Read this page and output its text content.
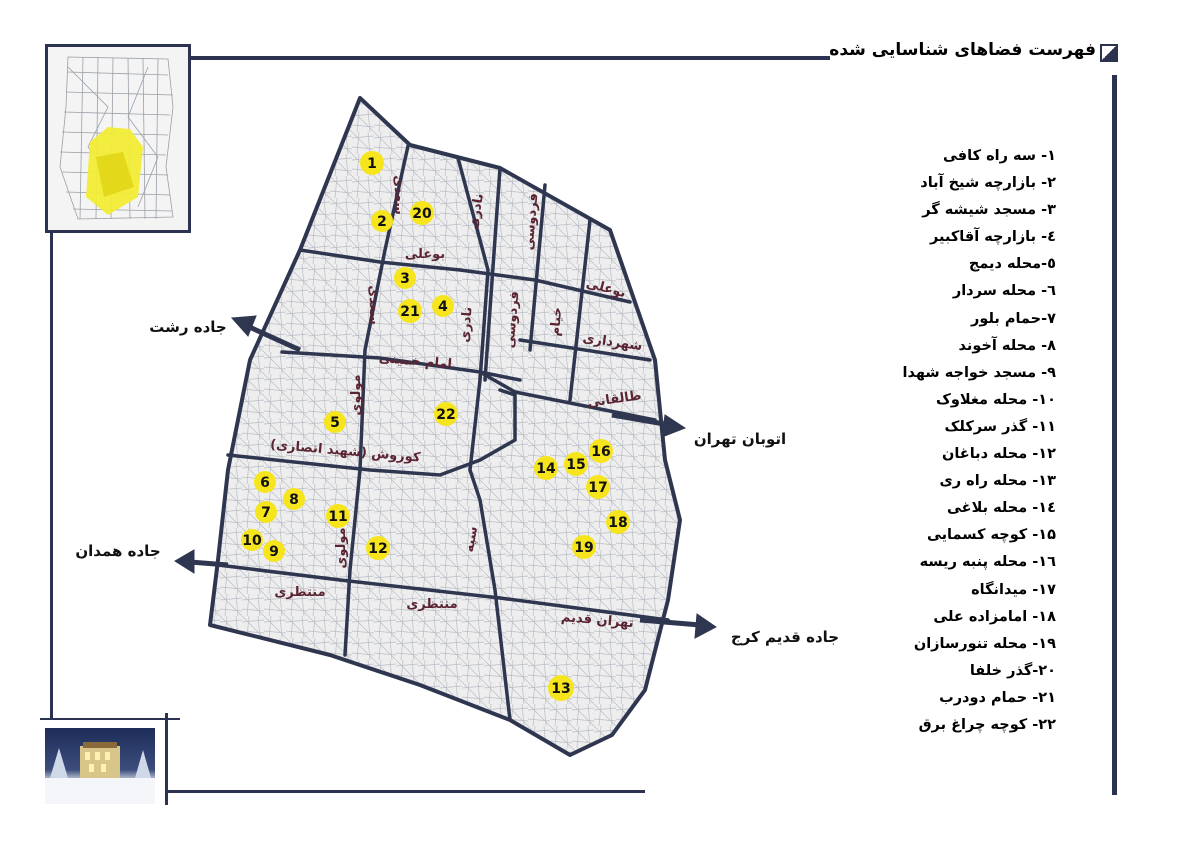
فهرست فضاهای شناسایی شده
۱- سه راه کافی
۲- بازارچه شیخ آباد
۳- مسجد شیشه گر
٤- بازارچه آقاکبیر
٥-محله دیمج
٦- محله سردار
۷-حمام بلور
۸- محله آخوند
۹- مسجد خواجه شهدا
۱۰- محله مغلاوک
۱۱- گذر سرکلک
۱۲- محله دباغان
۱۳- محله راه ری
۱٤- محله بلاغی
۱۵- کوچه کسمایی
۱٦- محله پنبه ریسه
۱۷- میدانگاه
۱۸- امامزاده علی
۱۹- محله تنورسازان
۲۰-گذر خلفا
۲۱- حمام دودرب
۲۲- کوچه چراغ برق
جاده رشت
اتوبان تهران
جاده همدان
جاده قدیم کرج
سعدی	نادری	فردوسی
بوعلی
سعدی	نادری فردوسی خیام
بوعلی
شهرداری
امام خمینی
مولوی	طالقانی
کوروش (شهید انصاری)
مولوی	سپه
منتظری
منتظری
تهران قدیم
1
2 20
3
4
21
22
5
6
8
7	11
10
9	12
16
15
14
17
18
19
13
